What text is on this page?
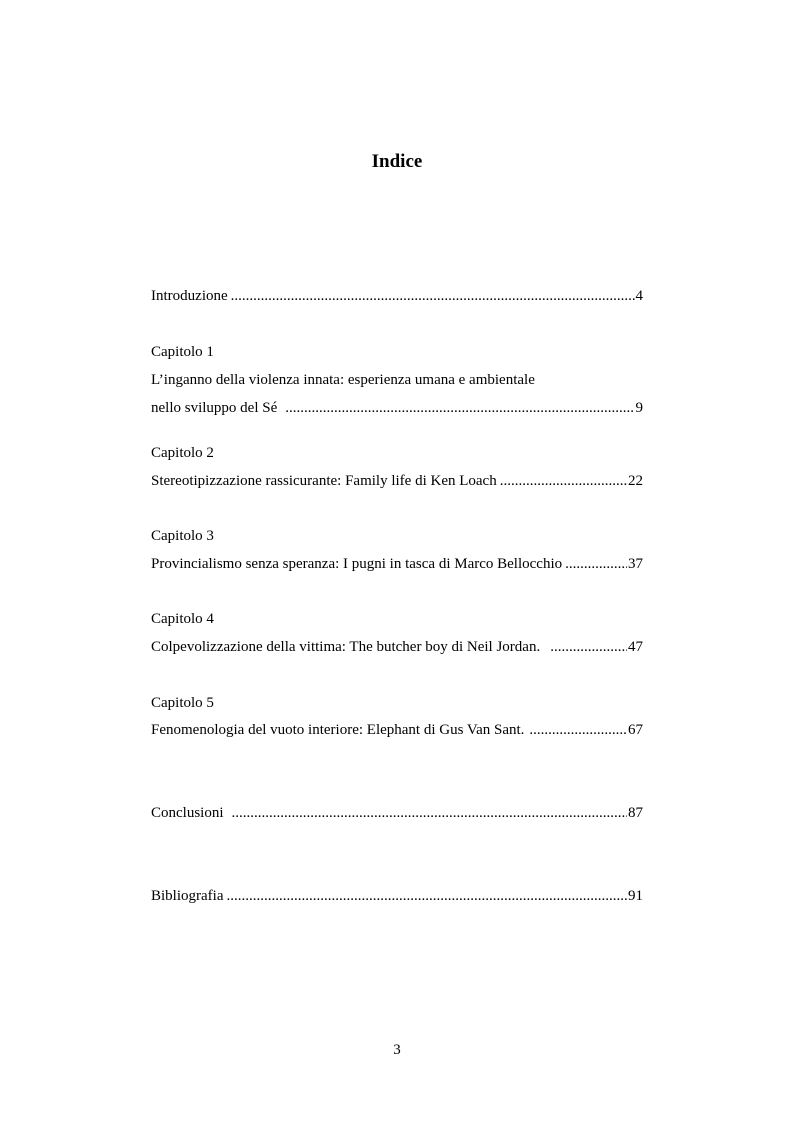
Indice
Introduzione .....	4
Capitolo 1
L’inganno della violenza innata: esperienza umana e ambientale
nello sviluppo del Sé .....	9
Capitolo 2
Stereotipizzazione rassicurante: Family life di Ken Loach .....	22
Capitolo 3
Provincialismo senza speranza: I pugni in tasca di Marco Bellocchio .....	37
Capitolo 4
Colpevolizzazione della vittima: The butcher boy di Neil Jordan. .....	47
Capitolo 5
Fenomenologia del vuoto interiore: Elephant di Gus Van Sant. .....	67
Conclusioni .....	87
Bibliografia .....	91
3
